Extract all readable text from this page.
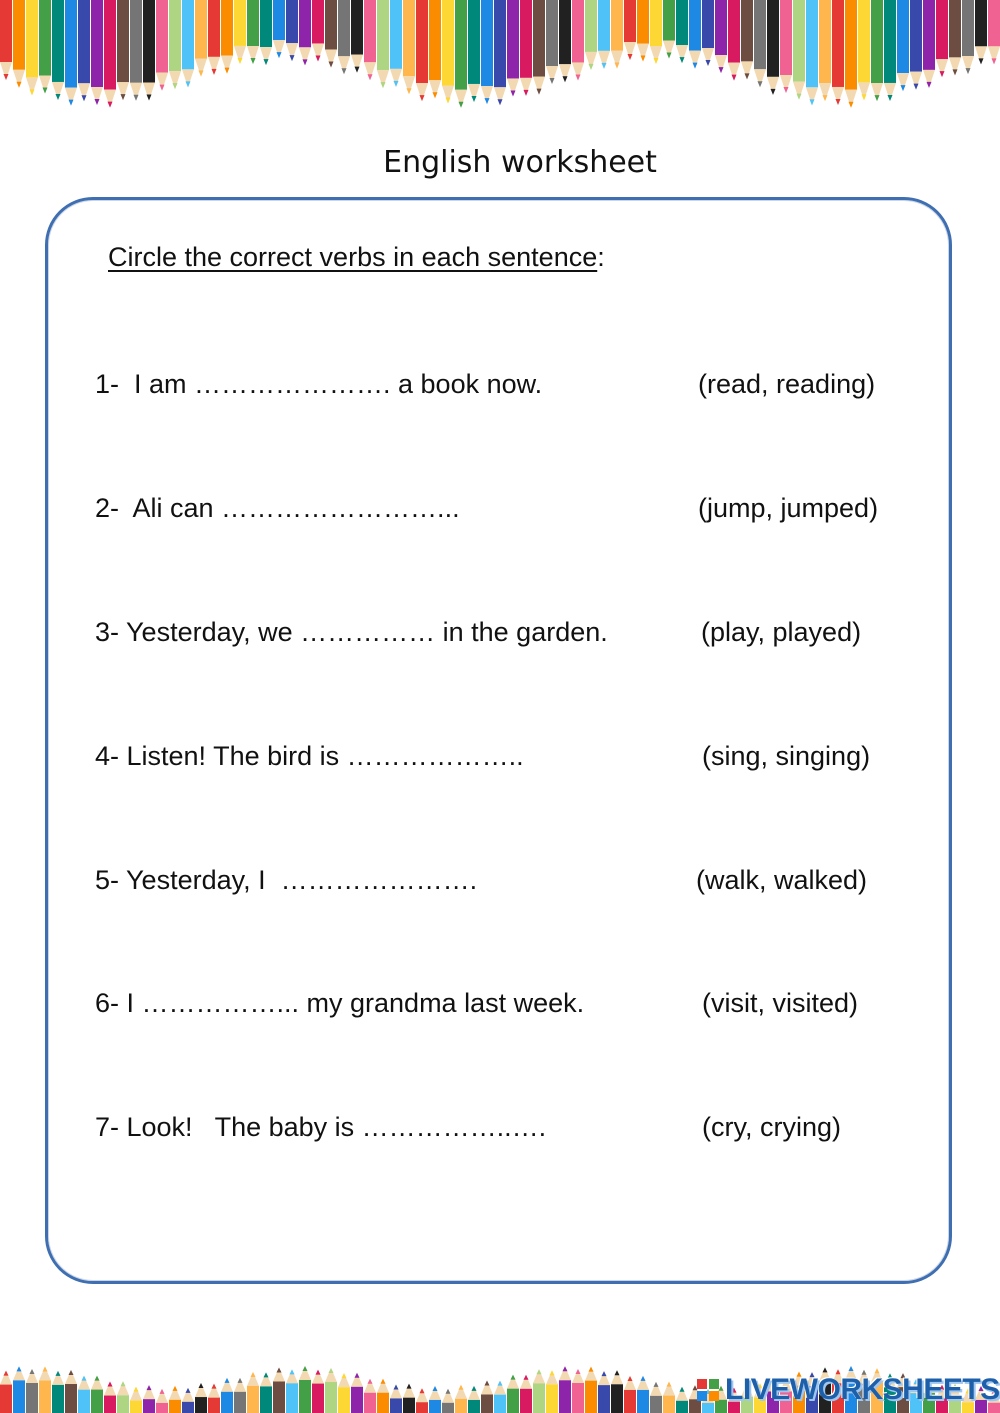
English worksheet
Circle the correct verbs in each sentence:
1-  I am …………………. a book now.	(read, reading)
2-  Ali can ……………………...	(jump, jumped)
3- Yesterday, we …………… in the garden.	(play, played)
4- Listen! The bird is ………………..	(sing, singing)
5- Yesterday, I  ………………….	(walk, walked)
6- I ……………... my grandma last week.	(visit, visited)
7- Look!   The baby is ……………..….	(cry, crying)
LIVEWORKSHEETS
